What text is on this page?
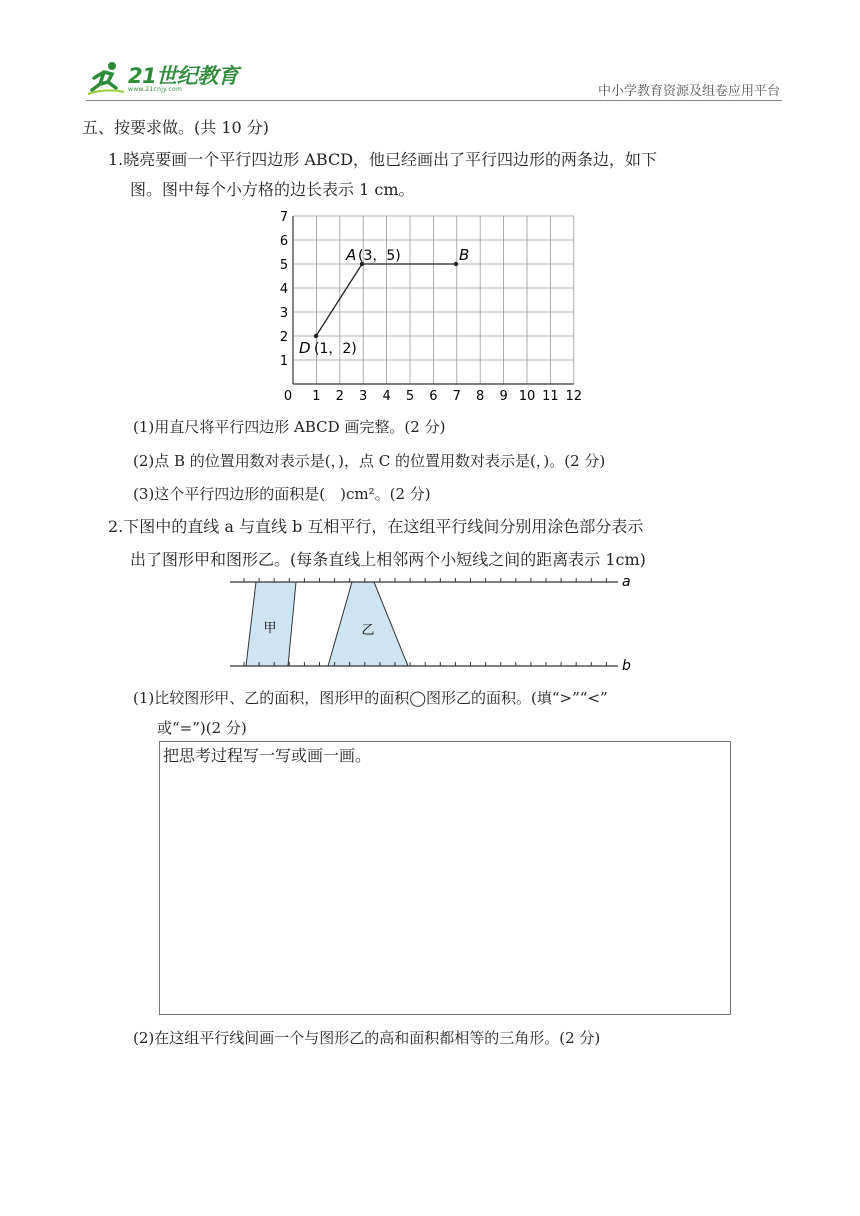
21世纪教育
www.21cnjy.com	中小学教育资源及组卷应用平台
五、按要求做。(共 10 分)
1.晓亮要画一个平行四边形 ABCD，他已经画出了平行四边形的两条边，如下
图。图中每个小方格的边长表示 1 cm。
0 1 2 3 4 5 6 7 8 9 10 11 12
1
2
3
4
5
6
7
A (3，5)	B
D (1，2)
(1)用直尺将平行四边形 ABCD 画完整。(2 分)
(2)点 B 的位置用数对表示是(，)，点 C 的位置用数对表示是(，)。(2 分)
(3)这个平行四边形的面积是(　)cm²。(2 分)
2.下图中的直线 a 与直线 b 互相平行，在这组平行线间分别用涂色部分表示
出了图形甲和图形乙。(每条直线上相邻两个小短线之间的距离表示 1cm)
a
b
甲	乙
(1)比较图形甲、乙的面积，图形甲的面积◯图形乙的面积。(填“>”“<”
或“=”)(2 分)
把思考过程写一写或画一画。
(2)在这组平行线间画一个与图形乙的高和面积都相等的三角形。(2 分)
